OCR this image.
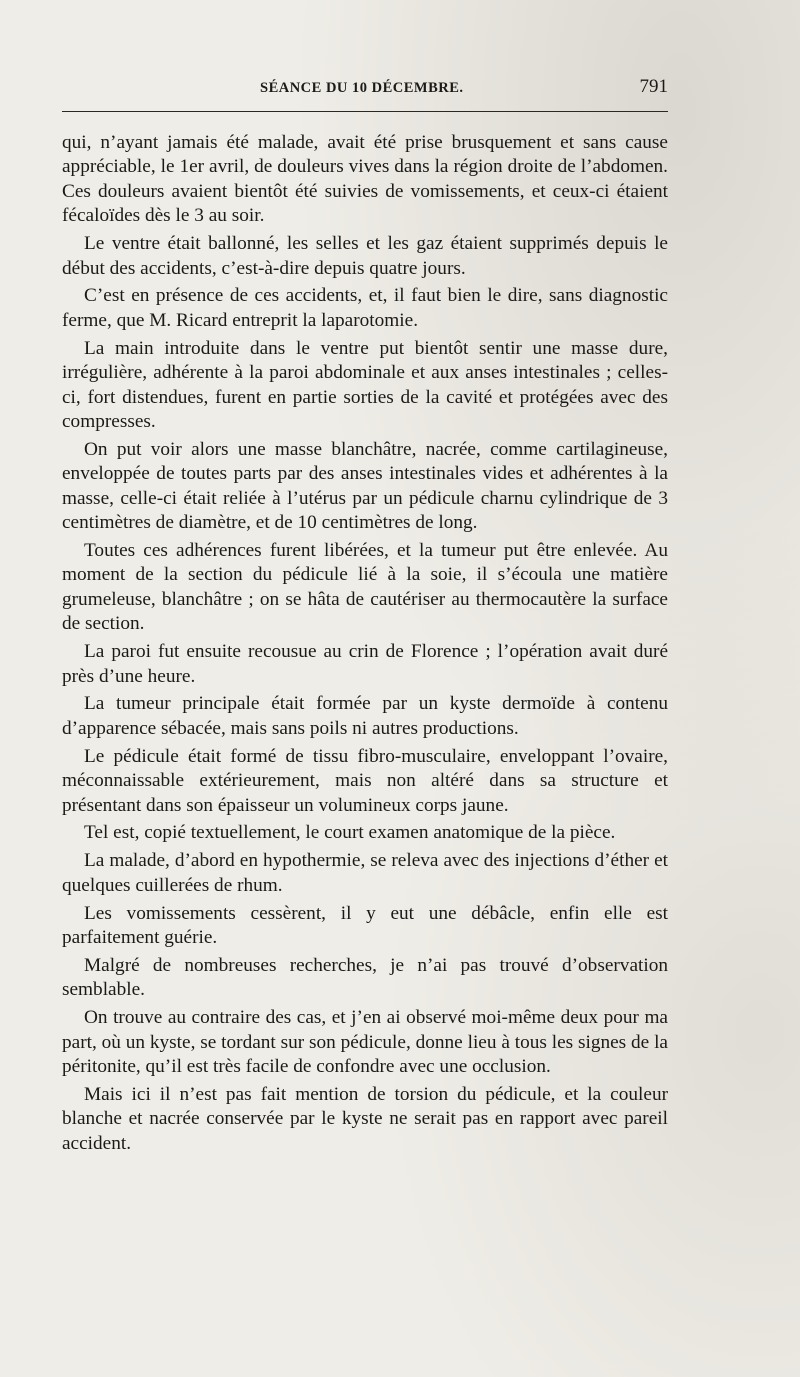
SÉANCE DU 10 DÉCEMBRE.	791

qui, n’ayant jamais été malade, avait été prise brusquement et sans cause appréciable, le 1er avril, de douleurs vives dans la région droite de l’abdomen. Ces douleurs avaient bientôt été suivies de vomissements, et ceux-ci étaient fécaloïdes dès le 3 au soir.

Le ventre était ballonné, les selles et les gaz étaient supprimés depuis le début des accidents, c’est-à-dire depuis quatre jours.

C’est en présence de ces accidents, et, il faut bien le dire, sans diagnostic ferme, que M. Ricard entreprit la laparotomie.

La main introduite dans le ventre put bientôt sentir une masse dure, irrégulière, adhérente à la paroi abdominale et aux anses intestinales ; celles-ci, fort distendues, furent en partie sorties de la cavité et protégées avec des compresses.

On put voir alors une masse blanchâtre, nacrée, comme cartilagineuse, enveloppée de toutes parts par des anses intestinales vides et adhérentes à la masse, celle-ci était reliée à l’utérus par un pédicule charnu cylindrique de 3 centimètres de diamètre, et de 10 centimètres de long.

Toutes ces adhérences furent libérées, et la tumeur put être enlevée. Au moment de la section du pédicule lié à la soie, il s’écoula une matière grumeleuse, blanchâtre ; on se hâta de cautériser au thermocautère la surface de section.

La paroi fut ensuite recousue au crin de Florence ; l’opération avait duré près d’une heure.

La tumeur principale était formée par un kyste dermoïde à contenu d’apparence sébacée, mais sans poils ni autres productions.

Le pédicule était formé de tissu fibro-musculaire, enveloppant l’ovaire, méconnaissable extérieurement, mais non altéré dans sa structure et présentant dans son épaisseur un volumineux corps jaune.

Tel est, copié textuellement, le court examen anatomique de la pièce.

La malade, d’abord en hypothermie, se releva avec des injections d’éther et quelques cuillerées de rhum.

Les vomissements cessèrent, il y eut une débâcle, enfin elle est parfaitement guérie.

Malgré de nombreuses recherches, je n’ai pas trouvé d’observation semblable.

On trouve au contraire des cas, et j’en ai observé moi-même deux pour ma part, où un kyste, se tordant sur son pédicule, donne lieu à tous les signes de la péritonite, qu’il est très facile de confondre avec une occlusion.

Mais ici il n’est pas fait mention de torsion du pédicule, et la couleur blanche et nacrée conservée par le kyste ne serait pas en rapport avec pareil accident.
